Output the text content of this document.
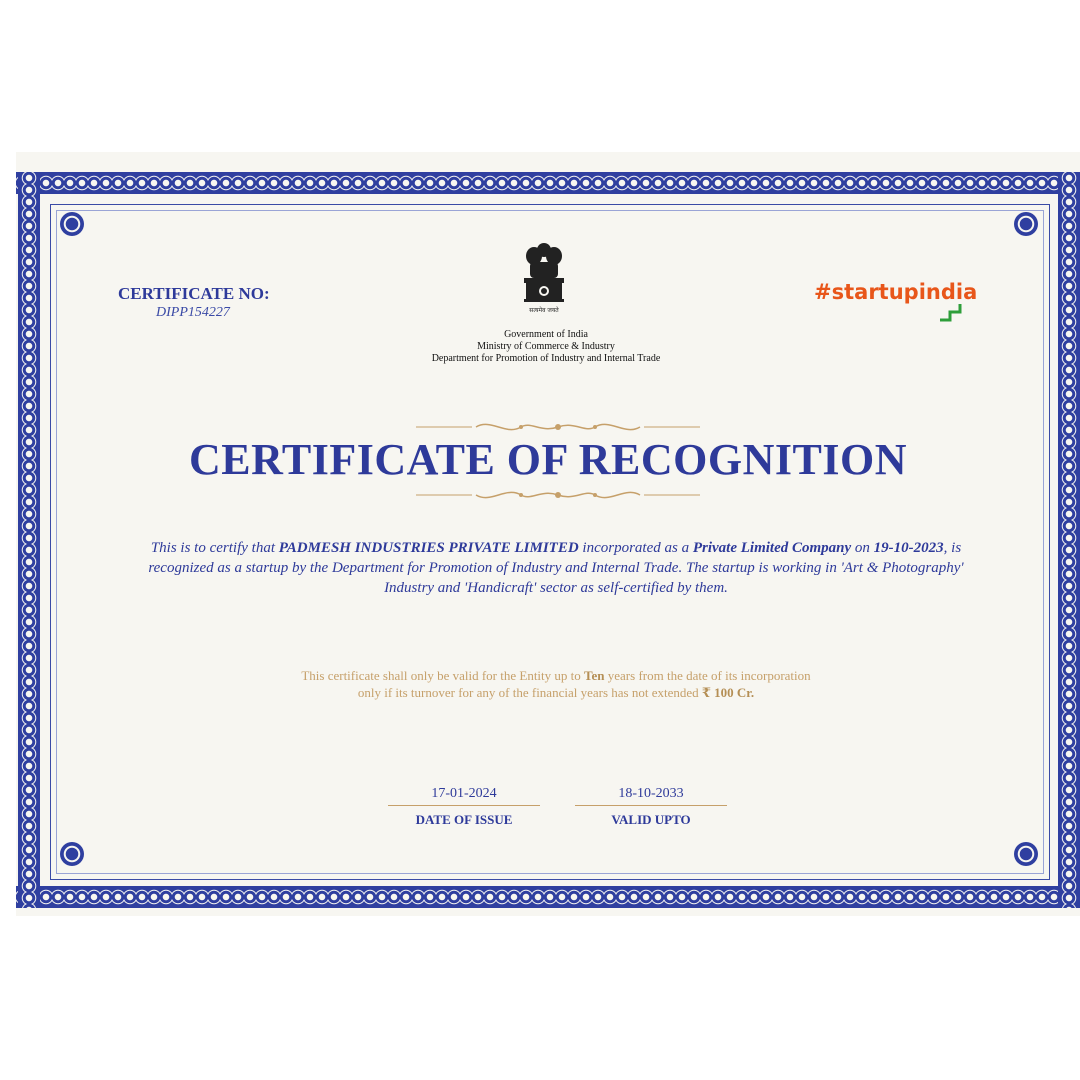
CERTIFICATE NO:
DIPP154227	सत्यमेव जयते
Government of India
Ministry of Commerce & Industry
Department for Promotion of Industry and Internal Trade
#startupindia
CERTIFICATE OF RECOGNITION
This is to certify that PADMESH INDUSTRIES PRIVATE LIMITED incorporated as a Private Limited Company on 19-10-2023, is recognized as a startup by the Department for Promotion of Industry and Internal Trade. The startup is working in 'Art & Photography' Industry and 'Handicraft' sector as self-certified by them.
This certificate shall only be valid for the Entity up to Ten years from the date of its incorporation
only if its turnover for any of the financial years has not extended ₹ 100 Cr.
17-01-2024
DATE OF ISSUE
18-10-2033
VALID UPTO
